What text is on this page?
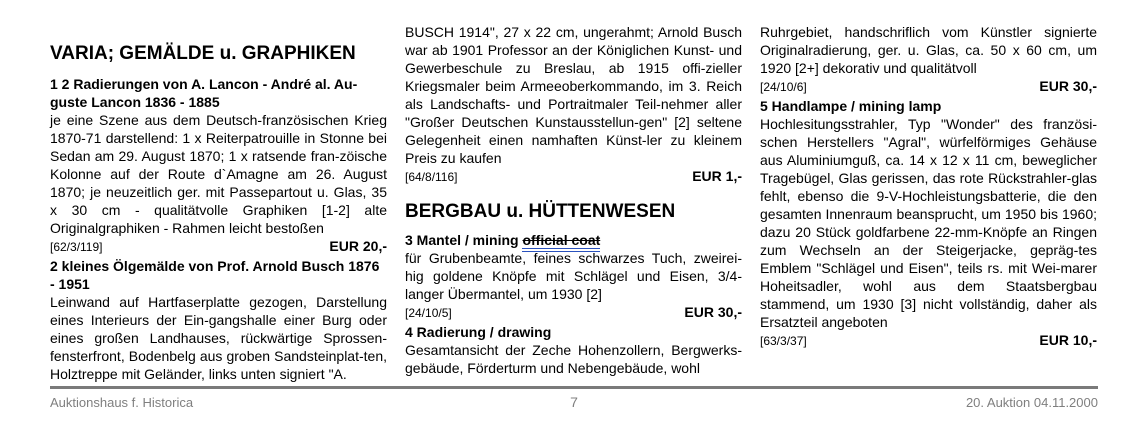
VARIA; GEMÄLDE u. GRAPHIKEN

1 2 Radierungen von A. Lancon - André al. Au-guste Lancon 1836 - 1885

je eine Szene aus dem Deutsch-französischen Krieg 1870-71 darstellend: 1 x Reiterpatrouille in Stonne bei Sedan am 29. August 1870; 1 x ratsende fran-zöische Kolonne auf der Route d`Amagne am 26. August 1870; je neuzeitlich ger. mit Passepartout u. Glas, 35 x 30 cm - qualitätvolle Graphiken [1-2] alte Originalgraphiken - Rahmen leicht bestoßen

[62/3/119]	EUR 20,-

2 kleines Ölgemälde von Prof. Arnold Busch 1876 - 1951

Leinwand auf Hartfaserplatte gezogen, Darstellung eines Interieurs der Ein-gangshalle einer Burg oder eines großen Landhauses, rückwärtige Sprossen-fensterfront, Bodenbelg aus groben Sandsteinplat-ten, Holztreppe mit Geländer, links unten signiert "A.

BUSCH 1914", 27 x 22 cm, ungerahmt; Arnold Busch war ab 1901 Professor an der Königlichen Kunst- und Gewerbeschule zu Breslau, ab 1915 offi-zieller Kriegsmaler beim Armeeoberkommando, im 3. Reich als Landschafts- und Portraitmaler Teil-nehmer aller "Großer Deutschen Kunstausstellun-gen" [2] seltene Gelegenheit einen namhaften Künst-ler zu kleinem Preis zu kaufen

[64/8/116]	EUR 1,-
BERGBAU u. HÜTTENWESEN

3 Mantel / mining official coat

für Grubenbeamte, feines schwarzes Tuch, zweirei-hig goldene Knöpfe mit Schlägel und Eisen, 3/4-langer Übermantel, um 1930 [2]

[24/10/5]	EUR 30,-

4 Radierung / drawing

Gesamtansicht der Zeche Hohenzollern, Bergwerks-gebäude, Förderturm und Nebengebäude, wohl

Ruhrgebiet, handschriflich vom Künstler signierte Originalradierung, ger. u. Glas, ca. 50 x 60 cm, um 1920 [2+] dekorativ und qualitätvoll

[24/10/6]	EUR 30,-

5 Handlampe / mining lamp

Hochlesitungsstrahler, Typ "Wonder" des französi-schen Herstellers "Agral", würfelförmiges Gehäuse aus Aluminiumguß, ca. 14 x 12 x 11 cm, beweglicher Tragebügel, Glas gerissen, das rote Rückstrahler-glas fehlt, ebenso die 9-V-Hochleistungsbatterie, die den gesamten Innenraum beansprucht, um 1950 bis 1960; dazu 20 Stück goldfarbene 22-mm-Knöpfe an Ringen zum Wechseln an der Steigerjacke, gepräg-tes Emblem "Schlägel und Eisen", teils rs. mit Wei-marer Hoheitsadler, wohl aus dem Staatsbergbau stammend, um 1930 [3] nicht vollständig, daher als Ersatzteil angeboten

[63/3/37]	EUR 10,-
Auktionshaus f. Historica	7	20. Auktion 04.11.2000
